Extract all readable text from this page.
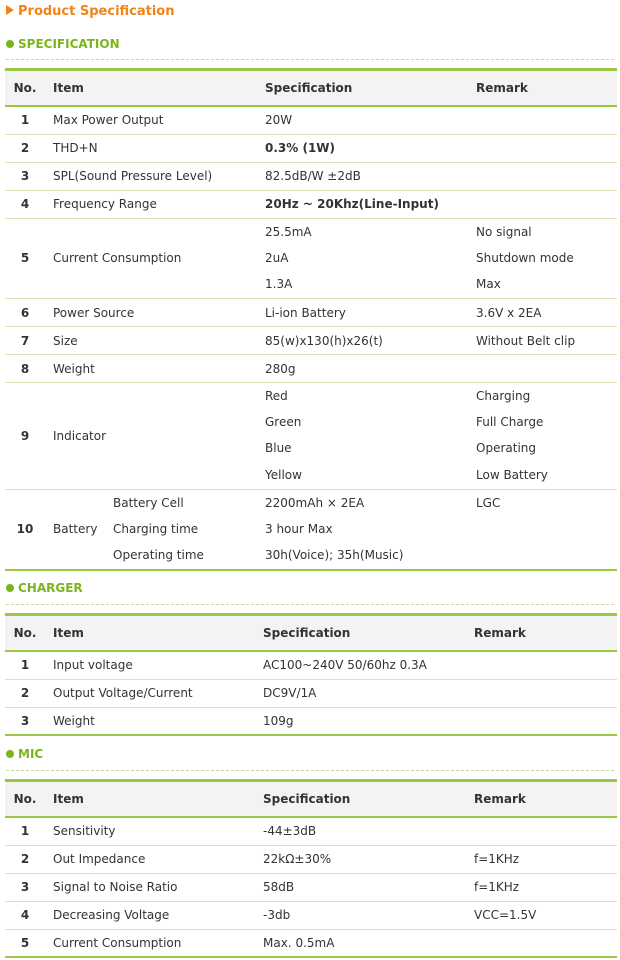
Product Specification
SPECIFICATION
No.	Item		Specification	Remark
1	Max Power Output		20W	
2	THD+N		0.3% (1W)	
3	SPL(Sound Pressure Level)		82.5dB/W ±2dB	
4	Frequency Range		20Hz ~ 20Khz(Line-Input)	
5	Current Consumption		25.5mA	No signal
			2uA	Shutdown mode
			1.3A	Max
6	Power Source		Li-ion Battery	3.6V x 2EA
7	Size		85(w)x130(h)x26(t)	Without Belt clip
8	Weight		280g	
9	Indicator		Red	Charging
			Green	Full Charge
			Blue	Operating
			Yellow	Low Battery
10	Battery	Battery Cell	2200mAh × 2EA	LGC
		Charging time	3 hour Max	
		Operating time	30h(Voice); 35h(Music)	
CHARGER
No.	Item	Specification	Remark
1	Input voltage	AC100~240V 50/60hz 0.3A	
2	Output Voltage/Current	DC9V/1A	
3	Weight	109g	
MIC
No.	Item	Specification	Remark
1	Sensitivity	-44±3dB	
2	Out Impedance	22kΩ±30%	f=1KHz
3	Signal to Noise Ratio	58dB	f=1KHz
4	Decreasing Voltage	-3db	VCC=1.5V
5	Current Consumption	Max. 0.5mA	
